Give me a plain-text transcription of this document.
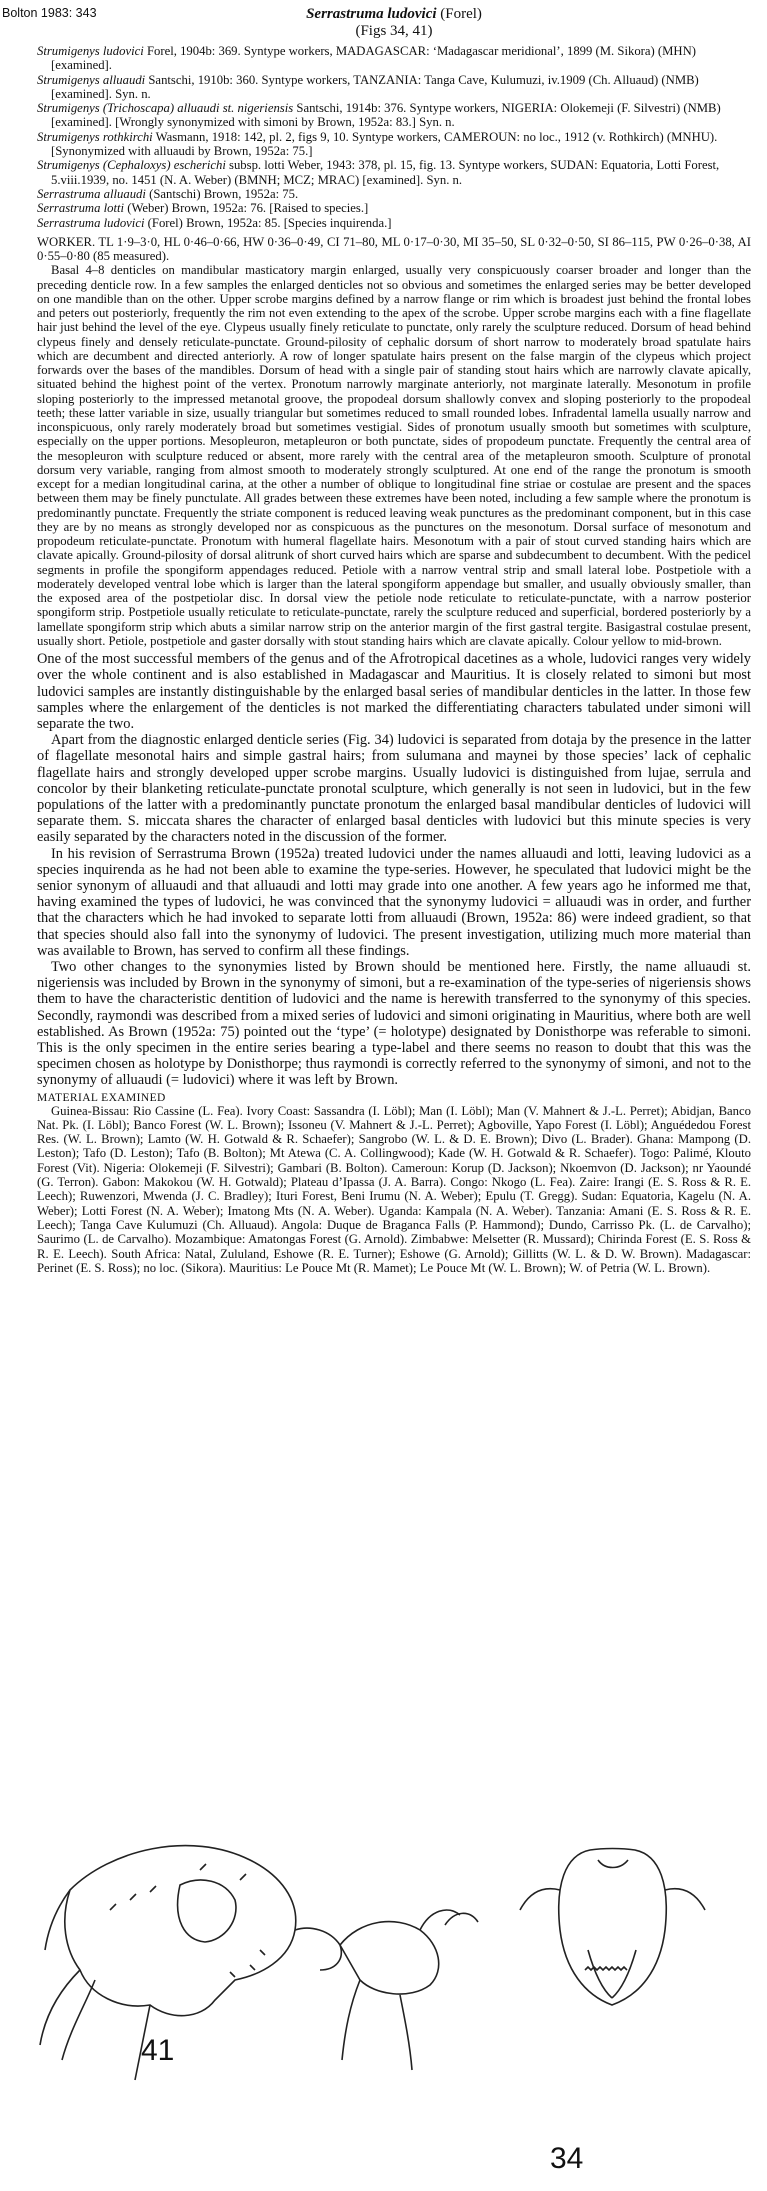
Bolton 1983: 343	Serrastruma ludovici (Forel)
(Figs 34, 41)

Strumigenys ludovici Forel, 1904b: 369. Syntype workers, MADAGASCAR: ‘Madagascar meridional’, 1899 (M. Sikora) (MHN) [examined].

Strumigenys alluaudi Santschi, 1910b: 360. Syntype workers, TANZANIA: Tanga Cave, Kulumuzi, iv.1909 (Ch. Alluaud) (NMB) [examined]. Syn. n.

Strumigenys (Trichoscapa) alluaudi st. nigeriensis Santschi, 1914b: 376. Syntype workers, NIGERIA: Olokemeji (F. Silvestri) (NMB) [examined]. [Wrongly synonymized with simoni by Brown, 1952a: 83.] Syn. n.

Strumigenys rothkirchi Wasmann, 1918: 142, pl. 2, figs 9, 10. Syntype workers, CAMEROUN: no loc., 1912 (v. Rothkirch) (MNHU). [Synonymized with alluaudi by Brown, 1952a: 75.]

Strumigenys (Cephaloxys) escherichi subsp. lotti Weber, 1943: 378, pl. 15, fig. 13. Syntype workers, SUDAN: Equatoria, Lotti Forest, 5.viii.1939, no. 1451 (N. A. Weber) (BMNH; MCZ; MRAC) [examined]. Syn. n.

Serrastruma alluaudi (Santschi) Brown, 1952a: 75.

Serrastruma lotti (Weber) Brown, 1952a: 76. [Raised to species.]

Serrastruma ludovici (Forel) Brown, 1952a: 85. [Species inquirenda.]

WORKER. TL 1·9–3·0, HL 0·46–0·66, HW 0·36–0·49, CI 71–80, ML 0·17–0·30, MI 35–50, SL 0·32–0·50, SI 86–115, PW 0·26–0·38, AI 0·55–0·80 (85 measured).

Basal 4–8 denticles on mandibular masticatory margin enlarged, usually very conspicuously coarser broader and longer than the preceding denticle row. In a few samples the enlarged denticles not so obvious and sometimes the enlarged series may be better developed on one mandible than on the other. Upper scrobe margins defined by a narrow flange or rim which is broadest just behind the frontal lobes and peters out posteriorly, frequently the rim not even extending to the apex of the scrobe. Upper scrobe margins each with a fine flagellate hair just behind the level of the eye. Clypeus usually finely reticulate to punctate, only rarely the sculpture reduced. Dorsum of head behind clypeus finely and densely reticulate-punctate. Ground-pilosity of cephalic dorsum of short narrow to moderately broad spatulate hairs which are decumbent and directed anteriorly. A row of longer spatulate hairs present on the false margin of the clypeus which project forwards over the bases of the mandibles. Dorsum of head with a single pair of standing stout hairs which are narrowly clavate apically, situated behind the highest point of the vertex. Pronotum narrowly marginate anteriorly, not marginate laterally. Mesonotum in profile sloping posteriorly to the impressed metanotal groove, the propodeal dorsum shallowly convex and sloping posteriorly to the propodeal teeth; these latter variable in size, usually triangular but sometimes reduced to small rounded lobes. Infradental lamella usually narrow and inconspicuous, only rarely moderately broad but sometimes vestigial. Sides of pronotum usually smooth but sometimes with sculpture, especially on the upper portions. Mesopleuron, metapleuron or both punctate, sides of propodeum punctate. Frequently the central area of the mesopleuron with sculpture reduced or absent, more rarely with the central area of the metapleuron smooth. Sculpture of pronotal dorsum very variable, ranging from almost smooth to moderately strongly sculptured. At one end of the range the pronotum is smooth except for a median longitudinal carina, at the other a number of oblique to longitudinal fine striae or costulae are present and the spaces between them may be finely punctulate. All grades between these extremes have been noted, including a few sample where the pronotum is predominantly punctate. Frequently the striate component is reduced leaving weak punctures as the predominant component, but in this case they are by no means as strongly developed nor as conspicuous as the punctures on the mesonotum. Dorsal surface of mesonotum and propodeum reticulate-punctate. Pronotum with humeral flagellate hairs. Mesonotum with a pair of stout curved standing hairs which are clavate apically. Ground-pilosity of dorsal alitrunk of short curved hairs which are sparse and subdecumbent to decumbent. With the pedicel segments in profile the spongiform appendages reduced. Petiole with a narrow ventral strip and small lateral lobe. Postpetiole with a moderately developed ventral lobe which is larger than the lateral spongiform appendage but smaller, and usually obviously smaller, than the exposed area of the postpetiolar disc. In dorsal view the petiole node reticulate to reticulate-punctate, with a narrow posterior spongiform strip. Postpetiole usually reticulate to reticulate-punctate, rarely the sculpture reduced and superficial, bordered posteriorly by a lamellate spongiform strip which abuts a similar narrow strip on the anterior margin of the first gastral tergite. Basigastral costulae present, usually short. Petiole, postpetiole and gaster dorsally with stout standing hairs which are clavate apically. Colour yellow to mid-brown.

One of the most successful members of the genus and of the Afrotropical dacetines as a whole, ludovici ranges very widely over the whole continent and is also established in Madagascar and Mauritius. It is closely related to simoni but most ludovici samples are instantly distinguishable by the enlarged basal series of mandibular denticles in the latter. In those few samples where the enlargement of the denticles is not marked the differentiating characters tabulated under simoni will separate the two.

Apart from the diagnostic enlarged denticle series (Fig. 34) ludovici is separated from dotaja by the presence in the latter of flagellate mesonotal hairs and simple gastral hairs; from sulumana and maynei by those species’ lack of cephalic flagellate hairs and strongly developed upper scrobe margins. Usually ludovici is distinguished from lujae, serrula and concolor by their blanketing reticulate-punctate pronotal sculpture, which generally is not seen in ludovici, but in the few populations of the latter with a predominantly punctate pronotum the enlarged basal mandibular denticles of ludovici will separate them. S. miccata shares the character of enlarged basal denticles with ludovici but this minute species is very easily separated by the characters noted in the discussion of the former.

In his revision of Serrastruma Brown (1952a) treated ludovici under the names alluaudi and lotti, leaving ludovici as a species inquirenda as he had not been able to examine the type-series. However, he speculated that ludovici might be the senior synonym of alluaudi and that alluaudi and lotti may grade into one another. A few years ago he informed me that, having examined the types of ludovici, he was convinced that the synonymy ludovici = alluaudi was in order, and further that the characters which he had invoked to separate lotti from alluaudi (Brown, 1952a: 86) were indeed gradient, so that that species should also fall into the synonymy of ludovici. The present investigation, utilizing much more material than was available to Brown, has served to confirm all these findings.

Two other changes to the synonymies listed by Brown should be mentioned here. Firstly, the name alluaudi st. nigeriensis was included by Brown in the synonymy of simoni, but a re-examination of the type-series of nigeriensis shows them to have the characteristic dentition of ludovici and the name is herewith transferred to the synonymy of this species. Secondly, raymondi was described from a mixed series of ludovici and simoni originating in Mauritius, where both are well established. As Brown (1952a: 75) pointed out the ‘type’ (= holotype) designated by Donisthorpe was referable to simoni. This is the only specimen in the entire series bearing a type-label and there seems no reason to doubt that this was the specimen chosen as holotype by Donisthorpe; thus raymondi is correctly referred to the synonymy of simoni, and not to the synonymy of alluaudi (= ludovici) where it was left by Brown.

MATERIAL EXAMINED
Guinea-Bissau: Rio Cassine (L. Fea). Ivory Coast: Sassandra (I. Löbl); Man (I. Löbl); Man (V. Mahnert & J.-L. Perret); Abidjan, Banco Nat. Pk. (I. Löbl); Banco Forest (W. L. Brown); Issoneu (V. Mahnert & J.-L. Perret); Agboville, Yapo Forest (I. Löbl); Anguédedou Forest Res. (W. L. Brown); Lamto (W. H. Gotwald & R. Schaefer); Sangrobo (W. L. & D. E. Brown); Divo (L. Brader). Ghana: Mampong (D. Leston); Tafo (D. Leston); Tafo (B. Bolton); Mt Atewa (C. A. Collingwood); Kade (W. H. Gotwald & R. Schaefer). Togo: Palimé, Klouto Forest (Vit). Nigeria: Olokemeji (F. Silvestri); Gambari (B. Bolton). Cameroun: Korup (D. Jackson); Nkoemvon (D. Jackson); nr Yaoundé (G. Terron). Gabon: Makokou (W. H. Gotwald); Plateau d’Ipassa (J. A. Barra). Congo: Nkogo (L. Fea). Zaire: Irangi (E. S. Ross & R. E. Leech); Ruwenzori, Mwenda (J. C. Bradley); Ituri Forest, Beni Irumu (N. A. Weber); Epulu (T. Gregg). Sudan: Equatoria, Kagelu (N. A. Weber); Lotti Forest (N. A. Weber); Imatong Mts (N. A. Weber). Uganda: Kampala (N. A. Weber). Tanzania: Amani (E. S. Ross & R. E. Leech); Tanga Cave Kulumuzi (Ch. Alluaud). Angola: Duque de Braganca Falls (P. Hammond); Dundo, Carrisso Pk. (L. de Carvalho); Saurimo (L. de Carvalho). Mozambique: Amatongas Forest (G. Arnold). Zimbabwe: Melsetter (R. Mussard); Chirinda Forest (E. S. Ross & R. E. Leech). South Africa: Natal, Zululand, Eshowe (R. E. Turner); Eshowe (G. Arnold); Gillitts (W. L. & D. W. Brown). Madagascar: Perinet (E. S. Ross); no loc. (Sikora). Mauritius: Le Pouce Mt (R. Mamet); Le Pouce Mt (W. L. Brown); W. of Petria (W. L. Brown).
41
34
